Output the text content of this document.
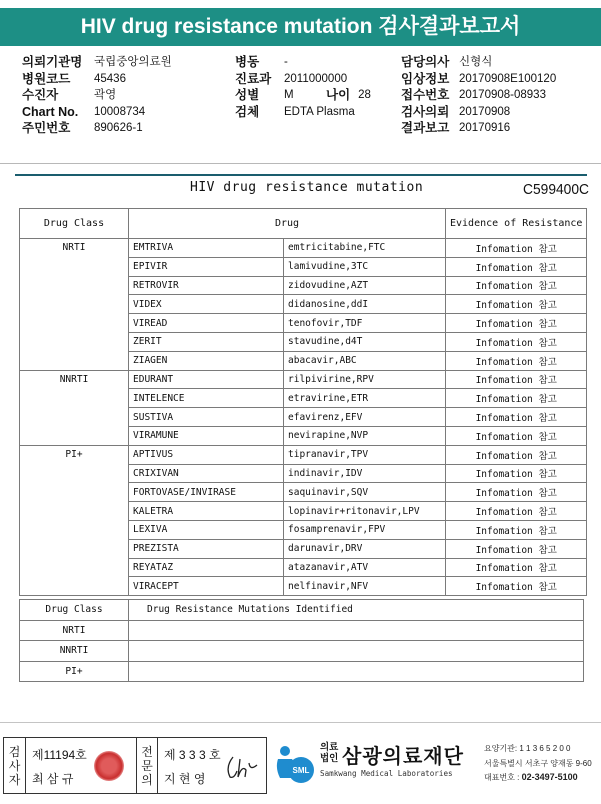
HIV drug resistance mutation 검사결과보고서
의뢰기관명	국립중앙의료원
병원코드	45436
수진자	곽영
Chart No.	10008734
주민번호	890626-1
병동	-
진료과	2011000000
성별	M
검체	EDTA Plasma
나이 28
담당의사 신형식
임상정보 20170908E100120
접수번호 20170908-08933
검사의뢰 20170908
결과보고 20170916
HIV drug resistance mutation	C599400C
Drug Class	Drug		Evidence of Resistance
NRTI	EMTRIVA	emtricitabine,FTC	Infomation 참고
	EPIVIR	lamivudine,3TC	Infomation 참고
	RETROVIR	zidovudine,AZT	Infomation 참고
	VIDEX	didanosine,ddI	Infomation 참고
	VIREAD	tenofovir,TDF	Infomation 참고
	ZERIT	stavudine,d4T	Infomation 참고
	ZIAGEN	abacavir,ABC	Infomation 참고
NNRTI	EDURANT	rilpivirine,RPV	Infomation 참고
	INTELENCE	etravirine,ETR	Infomation 참고
	SUSTIVA	efavirenz,EFV	Infomation 참고
	VIRAMUNE	nevirapine,NVP	Infomation 참고
PI+	APTIVUS	tipranavir,TPV	Infomation 참고
	CRIXIVAN	indinavir,IDV	Infomation 참고
	FORTOVASE/INVIRASE	saquinavir,SQV	Infomation 참고
	KALETRA	lopinavir+ritonavir,LPV	Infomation 참고
	LEXIVA	fosamprenavir,FPV	Infomation 참고
	PREZISTA	darunavir,DRV	Infomation 참고
	REYATAZ	atazanavir,ATV	Infomation 참고
	VIRACEPT	nelfinavir,NFV	Infomation 참고
Drug Class	Drug Resistance Mutations Identified
NRTI	
NNRTI	
PI+	
검
사
자
제11194호
최 삼 규
전
문
의
제 3 3 3 호
지 현 영
SML
의료
법인 삼광의료재단
Samkwang Medical Laboratories
요양기관: 1 1 3 6 5 2 0 0
서울특별시 서초구 양재동 9-60
대표번호 : 02-3497-5100
